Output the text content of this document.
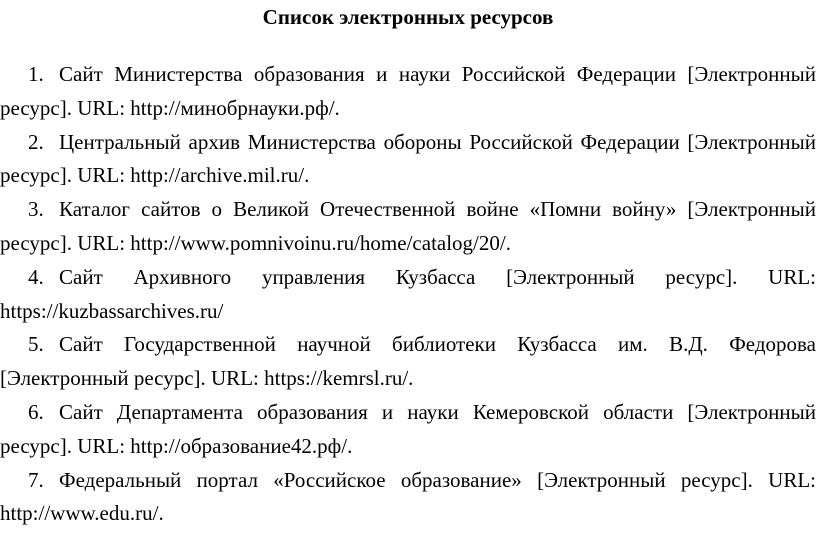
Список электронных ресурсов
1. Сайт Министерства образования и науки Российской Федерации [Электронный ресурс]. URL: http://минобрнауки.рф/.
2. Центральный архив Министерства обороны Российской Федерации [Электронный ресурс]. URL: http://archive.mil.ru/.
3. Каталог сайтов о Великой Отечественной войне «Помни войну» [Электронный ресурс]. URL: http://www.pomnivoinu.ru/home/catalog/20/.
4. Сайт Архивного управления Кузбасса [Электронный ресурс]. URL: https://kuzbassarchives.ru/
5. Сайт Государственной научной библиотеки Кузбасса им. В.Д. Федорова [Электронный ресурс]. URL: https://kemrsl.ru/.
6. Сайт Департамента образования и науки Кемеровской области [Электронный ресурс]. URL: http://образование42.рф/.
7. Федеральный портал «Российское образование» [Электронный ресурс]. URL: http://www.edu.ru/.
